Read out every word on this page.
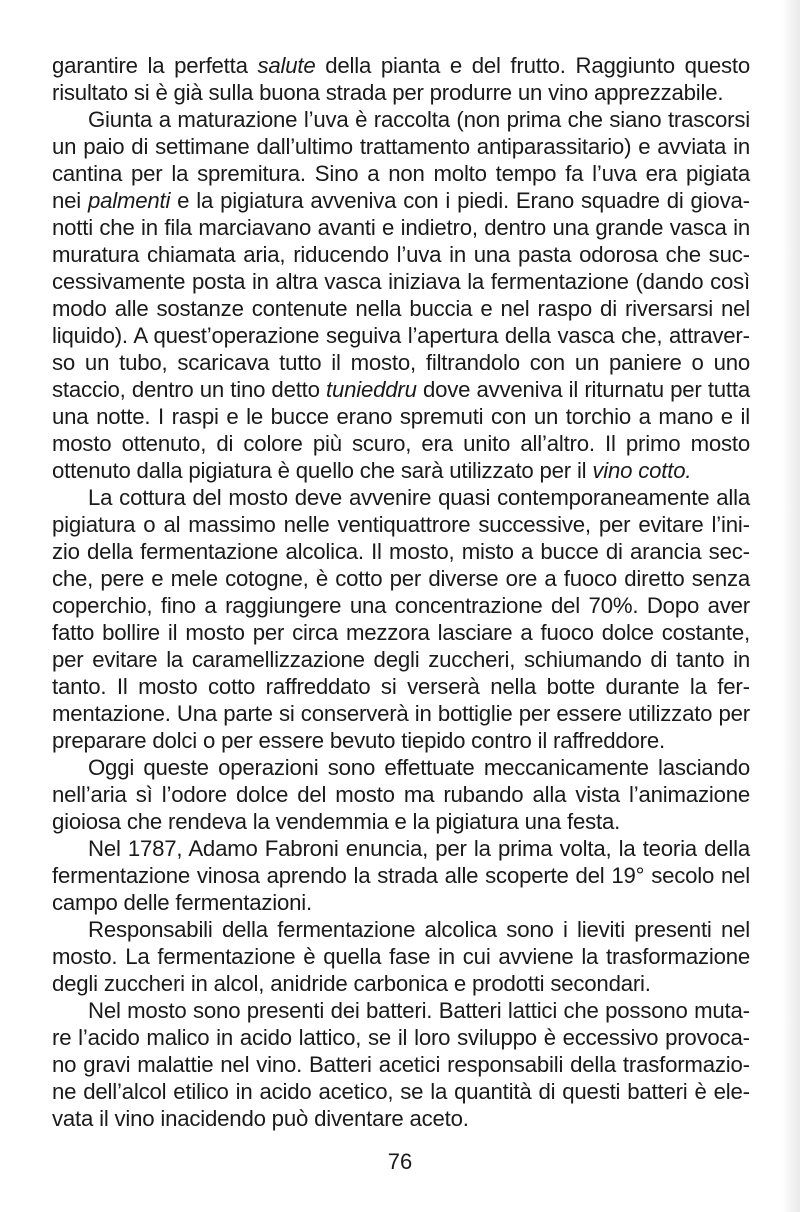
garantire la perfetta salute della pianta e del frutto. Raggiunto questo risultato si è già sulla buona strada per produrre un vino apprezzabile.

Giunta a maturazione l’uva è raccolta (non prima che siano trascorsi un paio di settimane dall’ultimo trattamento antiparassitario) e avviata in cantina per la spremitura. Sino a non molto tempo fa l’uva era pigiata nei palmenti e la pigiatura avveniva con i piedi. Erano squadre di giovanotti che in fila marciavano avanti e indietro, dentro una grande vasca in muratura chiamata aria, riducendo l’uva in una pasta odorosa che successivamente posta in altra vasca iniziava la fermentazione (dando così modo alle sostanze contenute nella buccia e nel raspo di riversarsi nel liquido). A quest’operazione seguiva l’apertura della vasca che, attraverso un tubo, scaricava tutto il mosto, filtrandolo con un paniere o uno staccio, dentro un tino detto tunieddru dove avveniva il riturnatu per tutta una notte. I raspi e le bucce erano spremuti con un torchio a mano e il mosto ottenuto, di colore più scuro, era unito all’altro. Il primo mosto ottenuto dalla pigiatura è quello che sarà utilizzato per il vino cotto.

La cottura del mosto deve avvenire quasi contemporaneamente alla pigiatura o al massimo nelle ventiquattrore successive, per evitare l’inizio della fermentazione alcolica. Il mosto, misto a bucce di arancia secche, pere e mele cotogne, è cotto per diverse ore a fuoco diretto senza coperchio, fino a raggiungere una concentrazione del 70%. Dopo aver fatto bollire il mosto per circa mezzora lasciare a fuoco dolce costante, per evitare la caramellizzazione degli zuccheri, schiumando di tanto in tanto. Il mosto cotto raffreddato si verserà nella botte durante la fermentazione. Una parte si conserverà in bottiglie per essere utilizzato per preparare dolci o per essere bevuto tiepido contro il raffreddore.

Oggi queste operazioni sono effettuate meccanicamente lasciando nell’aria sì l’odore dolce del mosto ma rubando alla vista l’animazione gioiosa che rendeva la vendemmia e la pigiatura una festa.

Nel 1787, Adamo Fabroni enuncia, per la prima volta, la teoria della fermentazione vinosa aprendo la strada alle scoperte del 19° secolo nel campo delle fermentazioni.

Responsabili della fermentazione alcolica sono i lieviti presenti nel mosto. La fermentazione è quella fase in cui avviene la trasformazione degli zuccheri in alcol, anidride carbonica e prodotti secondari.

Nel mosto sono presenti dei batteri. Batteri lattici che possono mutare l’acido malico in acido lattico, se il loro sviluppo è eccessivo provocano gravi malattie nel vino. Batteri acetici responsabili della trasformazione dell’alcol etilico in acido acetico, se la quantità di questi batteri è elevata il vino inacidendo può diventare aceto.

76
